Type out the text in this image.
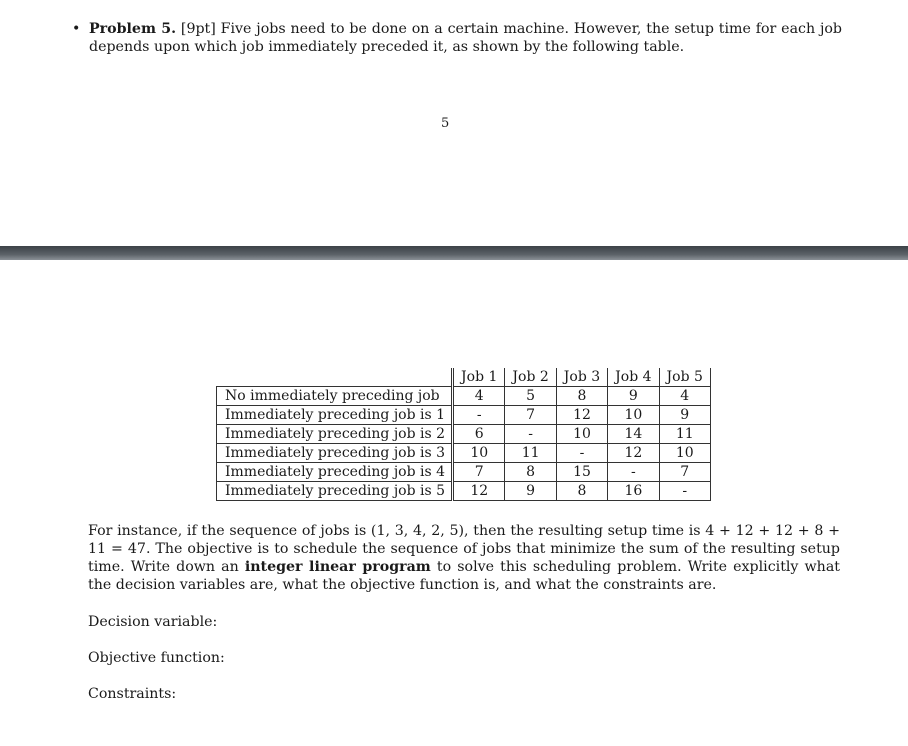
• Problem 5. [9pt] Five jobs need to be done on a certain machine. However, the setup time for each job depends upon which job immediately preceded it, as shown by the following table.
5
	Job 1	Job 2	Job 3	Job 4	Job 5
No immediately preceding job	4	5	8	9	4
Immediately preceding job is 1	-	7	12	10	9
Immediately preceding job is 2	6	-	10	14	11
Immediately preceding job is 3	10	11	-	12	10
Immediately preceding job is 4	7	8	15	-	7
Immediately preceding job is 5	12	9	8	16	-
For instance, if the sequence of jobs is (1, 3, 4, 2, 5), then the resulting setup time is 4 + 12 + 12 + 8 + 11 = 47. The objective is to schedule the sequence of jobs that minimize the sum of the resulting setup time. Write down an integer linear program to solve this scheduling problem. Write explicitly what the decision variables are, what the objective function is, and what the constraints are.
Decision variable:
Objective function:
Constraints:
